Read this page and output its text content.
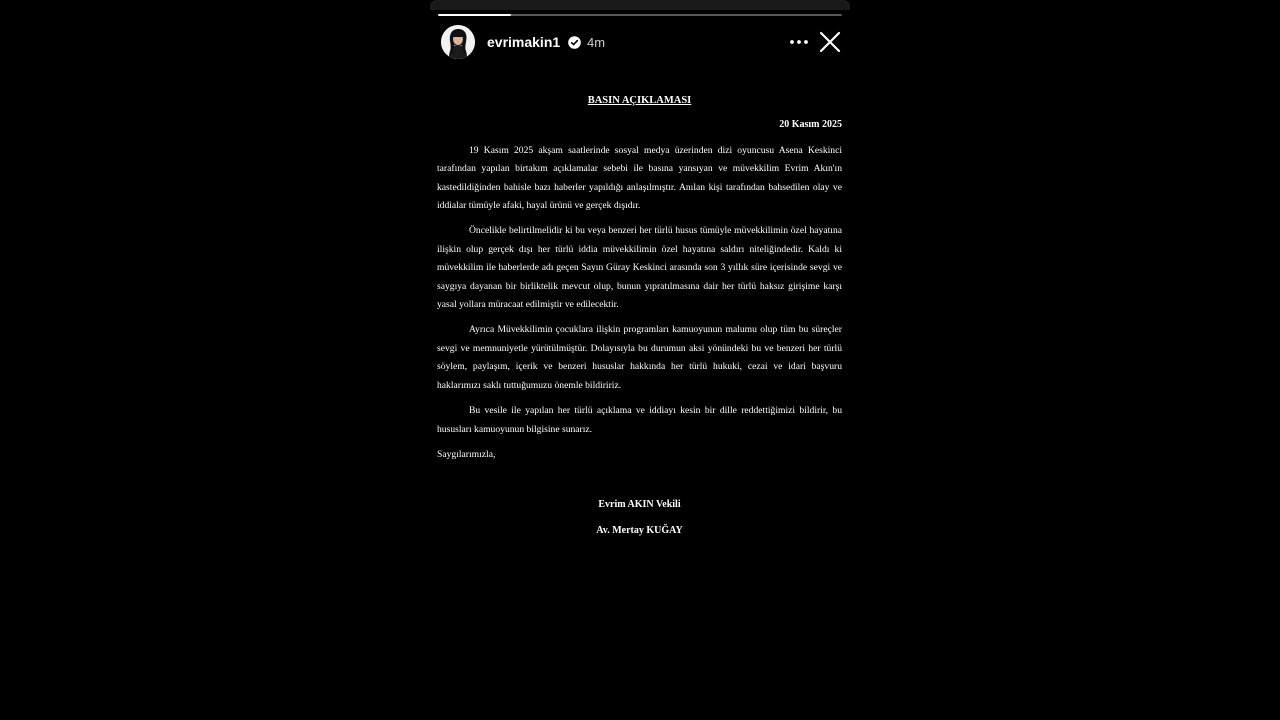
evrimakin1 4m
BASIN AÇIKLAMASI
20 Kasım 2025

19 Kasım 2025 akşam saatlerinde sosyal medya üzerinden dizi oyuncusu Asena Keskinci tarafından yapılan birtakım açıklamalar sebebi ile basına yansıyan ve müvekkilim Evrim Akın'ın kastedildiğinden bahisle bazı haberler yapıldığı anlaşılmıştır. Anılan kişi tarafından bahsedilen olay ve iddialar tümüyle afaki, hayal ürünü ve gerçek dışıdır.

Öncelikle belirtilmelidir ki bu veya benzeri her türlü husus tümüyle müvekkilimin özel hayatına ilişkin olup gerçek dışı her türlü iddia müvekkilimin özel hayatına saldırı niteliğindedir. Kaldı ki müvekkilim ile haberlerde adı geçen Sayın Güray Keskinci arasında son 3 yıllık süre içerisinde sevgi ve saygıya dayanan bir birliktelik mevcut olup, bunun yıpratılmasına dair her türlü haksız girişime karşı yasal yollara müracaat edilmiştir ve edilecektir.

Ayrıca Müvekkilimin çocuklara ilişkin programları kamuoyunun malumu olup tüm bu süreçler sevgi ve memnuniyetle yürütülmüştür. Dolayısıyla bu durumun aksi yönündeki bu ve benzeri her türlü söylem, paylaşım, içerik ve benzeri hususlar hakkında her türlü hukuki, cezai ve idari başvuru haklarımızı saklı tuttuğumuzu önemle bildiririz.

Bu vesile ile yapılan her türlü açıklama ve iddiayı kesin bir dille reddettiğimizi bildirir, bu hususları kamuoyunun bilgisine sunarız.

Saygılarımızla,

Evrim AKIN Vekili
Av. Mertay KUĞAY
